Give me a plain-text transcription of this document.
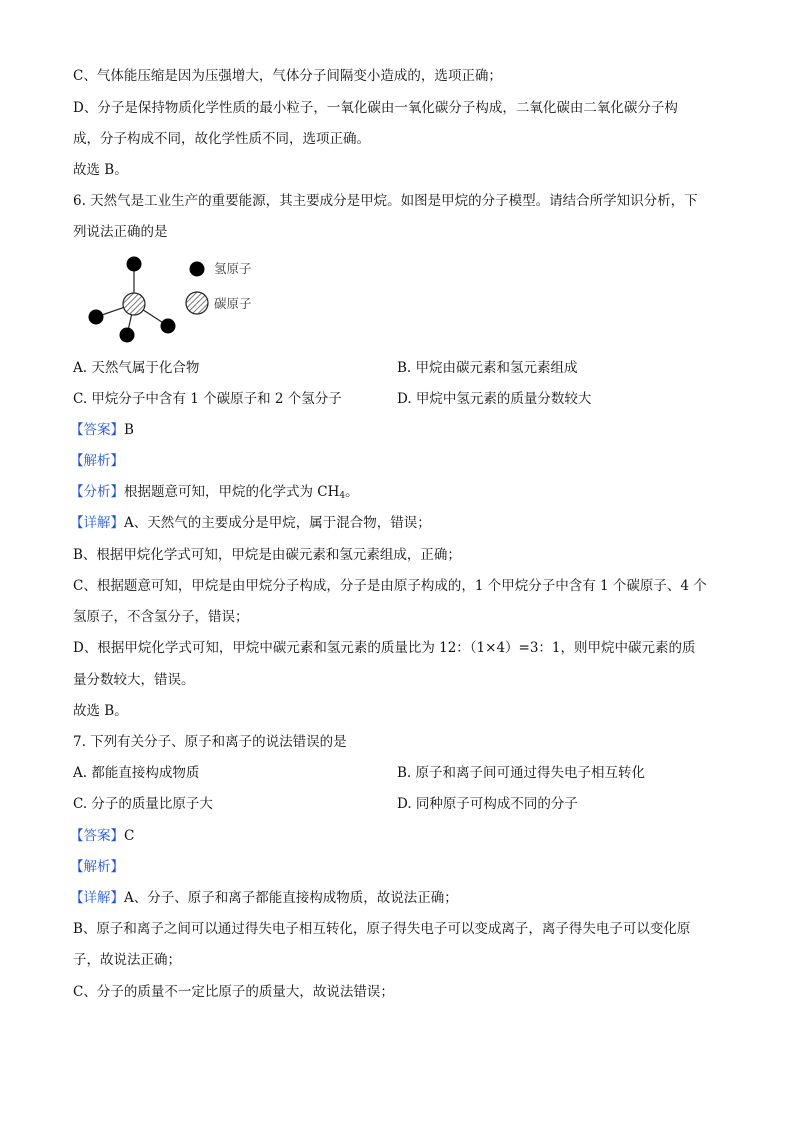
C、气体能压缩是因为压强增大，气体分子间隔变小造成的，选项正确；
D、分子是保持物质化学性质的最小粒子，一氧化碳由一氧化碳分子构成，二氧化碳由二氧化碳分子构
成，分子构成不同，故化学性质不同，选项正确。
故选 B。
6. 天然气是工业生产的重要能源，其主要成分是甲烷。如图是甲烷的分子模型。请结合所学知识分析，下
列说法正确的是
氢原子
碳原子
A. 天然气属于化合物	B. 甲烷由碳元素和氢元素组成
C. 甲烷分子中含有 1 个碳原子和 2 个氢分子	D. 甲烷中氢元素的质量分数较大
【答案】B
【解析】
【分析】根据题意可知，甲烷的化学式为 $CH_4$。
【详解】A、天然气的主要成分是甲烷，属于混合物，错误；
B、根据甲烷化学式可知，甲烷是由碳元素和氢元素组成，正确；
C、根据题意可知，甲烷是由甲烷分子构成，分子是由原子构成的，1 个甲烷分子中含有 1 个碳原子、4 个
氢原子，不含氢分子，错误；
D、根据甲烷化学式可知，甲烷中碳元素和氢元素的质量比为 12：（1×4）=3：1，则甲烷中碳元素的质
量分数较大，错误。
故选 B。
7. 下列有关分子、原子和离子的说法错误的是
A. 都能直接构成物质	B. 原子和离子间可通过得失电子相互转化
C. 分子的质量比原子大	D. 同种原子可构成不同的分子
【答案】C
【解析】
【详解】A、分子、原子和离子都能直接构成物质，故说法正确；
B、原子和离子之间可以通过得失电子相互转化，原子得失电子可以变成离子，离子得失电子可以变化原
子，故说法正确；
C、分子的质量不一定比原子的质量大，故说法错误；
